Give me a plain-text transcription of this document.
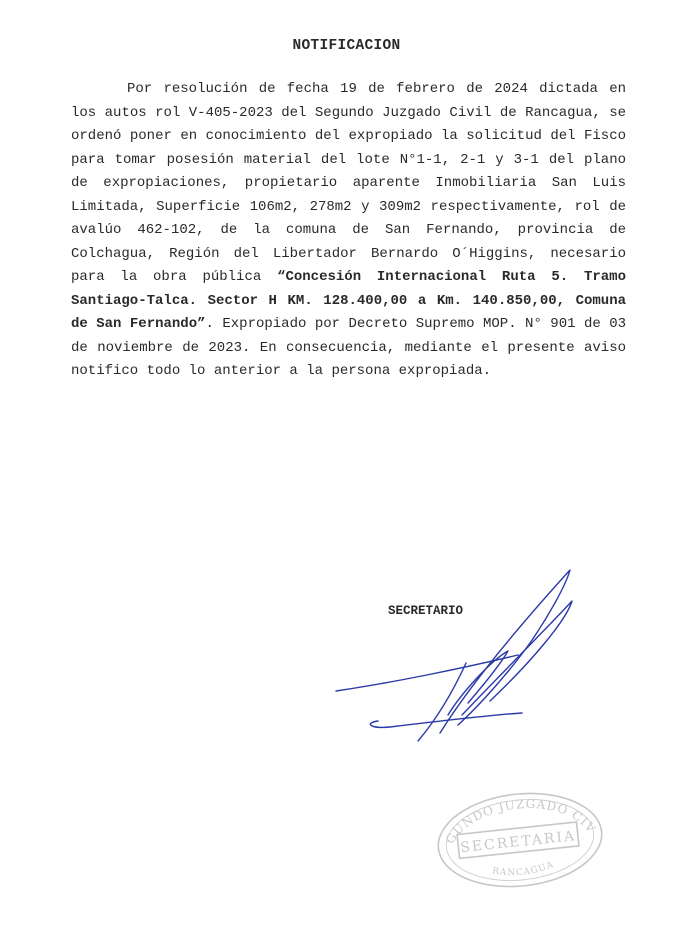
NOTIFICACION

Por resolución de fecha 19 de febrero de 2024 dictada en los autos rol V-405-2023 del Segundo Juzgado Civil de Rancagua, se ordenó poner en conocimiento del expropiado la solicitud del Fisco para tomar posesión material del lote N°1-1, 2-1 y 3-1 del plano de expropiaciones, propietario aparente Inmobiliaria San Luis Limitada, Superficie 106m2, 278m2 y 309m2 respectivamente, rol de avalúo 462-102, de la comuna de San Fernando, provincia de Colchagua, Región del Libertador Bernardo O´Higgins, necesario para la obra pública “Concesión Internacional Ruta 5. Tramo Santiago-Talca. Sector H KM. 128.400,00 a Km. 140.850,00, Comuna de San Fernando”. Expropiado por Decreto Supremo MOP. N° 901 de 03 de noviembre de 2023. En consecuencia, mediante el presente aviso notifico todo lo anterior a la persona expropiada.

SECRETARIO

SEGUNDO JUZGADO CIVIL
SECRETARIA
RANCAGUA
